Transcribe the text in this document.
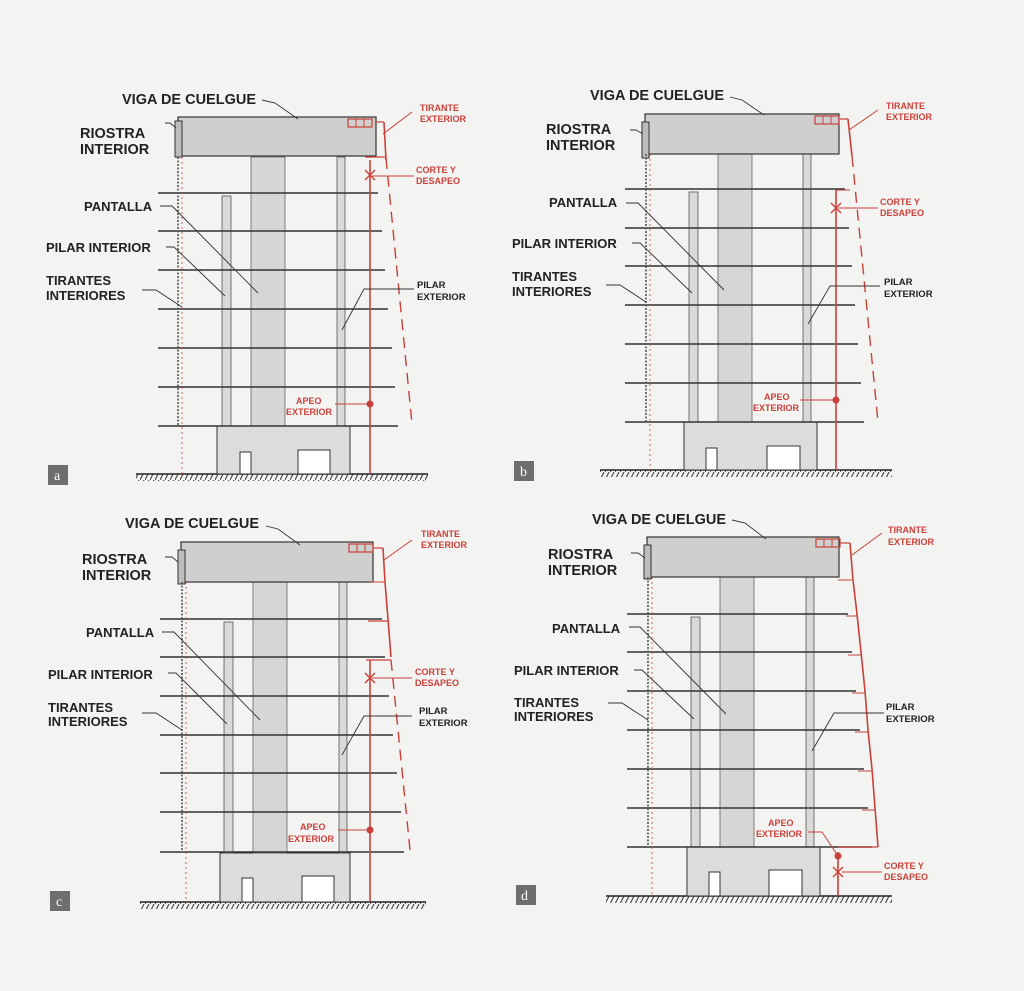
VIGA DE CUELGUE
RIOSTRA
INTERIOR
PANTALLA
PILAR INTERIOR
TIRANTES
INTERIORES
PILAR
EXTERIOR
TIRANTE
EXTERIOR
CORTE Y
DESAPEO
APEO
EXTERIOR
a
VIGA DE CUELGUE
RIOSTRA
INTERIOR
PANTALLA
PILAR INTERIOR
TIRANTES
INTERIORES
PILAR
EXTERIOR
TIRANTE
EXTERIOR
CORTE Y
DESAPEO
APEO
EXTERIOR
b
VIGA DE CUELGUE
RIOSTRA
INTERIOR
PANTALLA
PILAR INTERIOR
TIRANTES
INTERIORES
PILAR
EXTERIOR
TIRANTE
EXTERIOR
CORTE Y
DESAPEO
APEO
EXTERIOR
c
VIGA DE CUELGUE
RIOSTRA
INTERIOR
PANTALLA
PILAR INTERIOR
TIRANTES
INTERIORES
PILAR
EXTERIOR
TIRANTE
EXTERIOR
CORTE Y
DESAPEO
APEO
EXTERIOR
d
